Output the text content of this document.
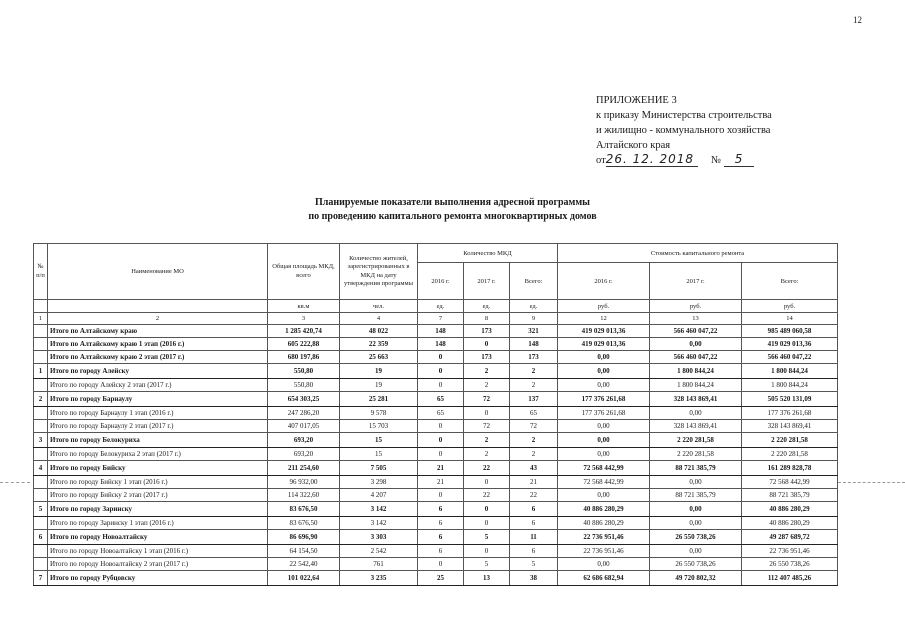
12
ПРИЛОЖЕНИЕ 3
к приказу Министерства строительства
и жилищно - коммунального хозяйства
Алтайского края
от26. 12. 2018 № 5
Планируемые показатели выполнения адресной программы
по проведению капитального ремонта многоквартирных домов
№ п/п	Наименование МО	Общая площадь МКД, всего	Количество жителей, зарегистрированных в МКД на дату утверждения программы	Количество МКД			Стоимость капитального ремонта		
				2016 г.	2017 г.	Всего:	2016 г.	2017 г.	Всего:
		кв.м	чел.	ед.	ед.	ед.	руб.	руб.	руб.
1	2	3	4	7	8	9	12	13	14
	Итого по Алтайскому краю	1 285 420,74	48 022	148	173	321	419 029 013,36	566 460 047,22	985 489 060,58
	Итого по Алтайскому краю 1 этап (2016 г.)	605 222,88	22 359	148	0	148	419 029 013,36	0,00	419 029 013,36
	Итого по Алтайскому краю 2 этап (2017 г.)	680 197,86	25 663	0	173	173	0,00	566 460 047,22	566 460 047,22
1	Итого по городу Алейску	550,80	19	0	2	2	0,00	1 800 844,24	1 800 844,24
	Итого по городу Алейску 2 этап (2017 г.)	550,80	19	0	2	2	0,00	1 800 844,24	1 800 844,24
2	Итого по городу Барнаулу	654 303,25	25 281	65	72	137	177 376 261,68	328 143 869,41	505 520 131,09
	Итого по городу Барнаулу 1 этап (2016 г.)	247 286,20	9 578	65	0	65	177 376 261,68	0,00	177 376 261,68
	Итого по городу Барнаулу 2 этап (2017 г.)	407 017,05	15 703	0	72	72	0,00	328 143 869,41	328 143 869,41
3	Итого по городу Белокуриха	693,20	15	0	2	2	0,00	2 220 281,58	2 220 281,58
	Итого по городу Белокуриха 2 этап (2017 г.)	693,20	15	0	2	2	0,00	2 220 281,58	2 220 281,58
4	Итого по городу Бийску	211 254,60	7 505	21	22	43	72 568 442,99	88 721 385,79	161 289 828,78
	Итого по городу Бийску 1 этап (2016 г.)	96 932,00	3 298	21	0	21	72 568 442,99	0,00	72 568 442,99
	Итого по городу Бийску 2 этап (2017 г.)	114 322,60	4 207	0	22	22	0,00	88 721 385,79	88 721 385,79
5	Итого по городу Заринску	83 676,50	3 142	6	0	6	40 886 280,29	0,00	40 886 280,29
	Итого по городу Заринску 1 этап (2016 г.)	83 676,50	3 142	6	0	6	40 886 280,29	0,00	40 886 280,29
6	Итого по городу Новоалтайску	86 696,90	3 303	6	5	11	22 736 951,46	26 550 738,26	49 287 689,72
	Итого по городу Новоалтайску 1 этап (2016 г.)	64 154,50	2 542	6	0	6	22 736 951,46	0,00	22 736 951,46
	Итого по городу Новоалтайску 2 этап (2017 г.)	22 542,40	761	0	5	5	0,00	26 550 738,26	26 550 738,26
7	Итого по городу Рубцовску	101 022,64	3 235	25	13	38	62 686 682,94	49 720 802,32	112 407 485,26
